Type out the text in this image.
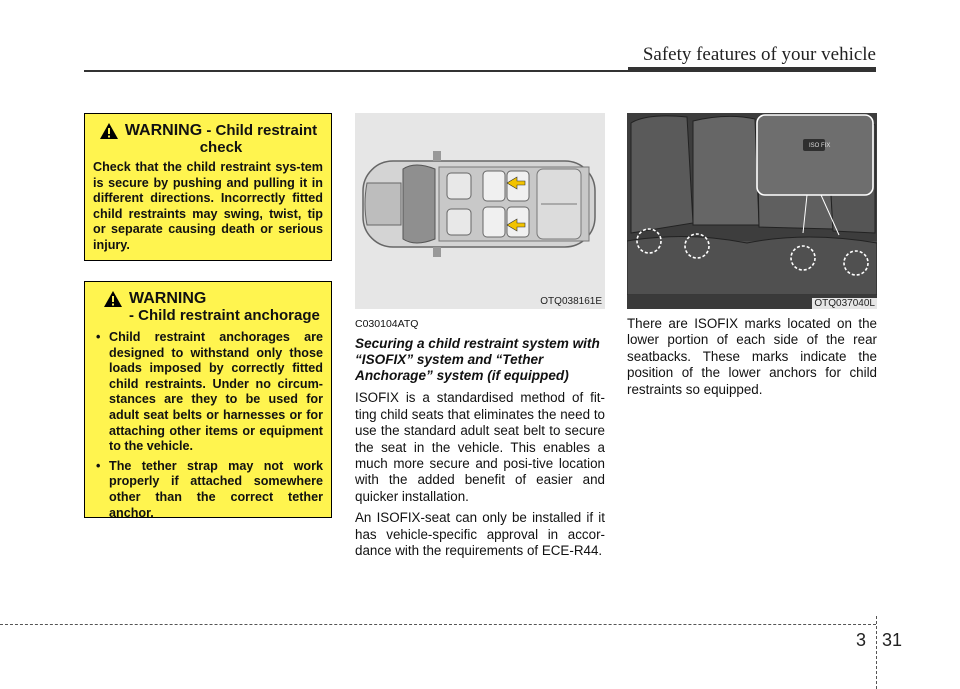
Safety features of your vehicle
WARNING - Child restraint
check

Check that the child restraint sys-tem is secure by pushing and pulling it in different directions. Incorrectly fitted child restraints may swing, twist, tip or separate causing death or serious injury.

WARNING
- Child restraint anchorage
• Child restraint anchorages are designed to withstand only those loads imposed by correctly fitted child restraints. Under no circum-stances are they to be used for adult seat belts or harnesses or for attaching other items or equipment to the vehicle.
• The tether strap may not work properly if attached somewhere other than the correct tether anchor.
OTQ038161E
ISO FIX
OTQ037040L
C030104ATQ
Securing a child restraint system with “ISOFIX” system and “Tether Anchorage” system (if equipped)

ISOFIX is a standardised method of fit-ting child seats that eliminates the need to use the standard adult seat belt to secure the seat in the vehicle. This enables a much more secure and posi-tive location with the added benefit of easier and quicker installation.

An ISOFIX-seat can only be installed if it has vehicle-specific approval in accor-dance with the requirements of ECE-R44.

There are ISOFIX marks located on the lower portion of each side of the rear seatbacks. These marks indicate the position of the lower anchors for child restraints so equipped.

3 31
